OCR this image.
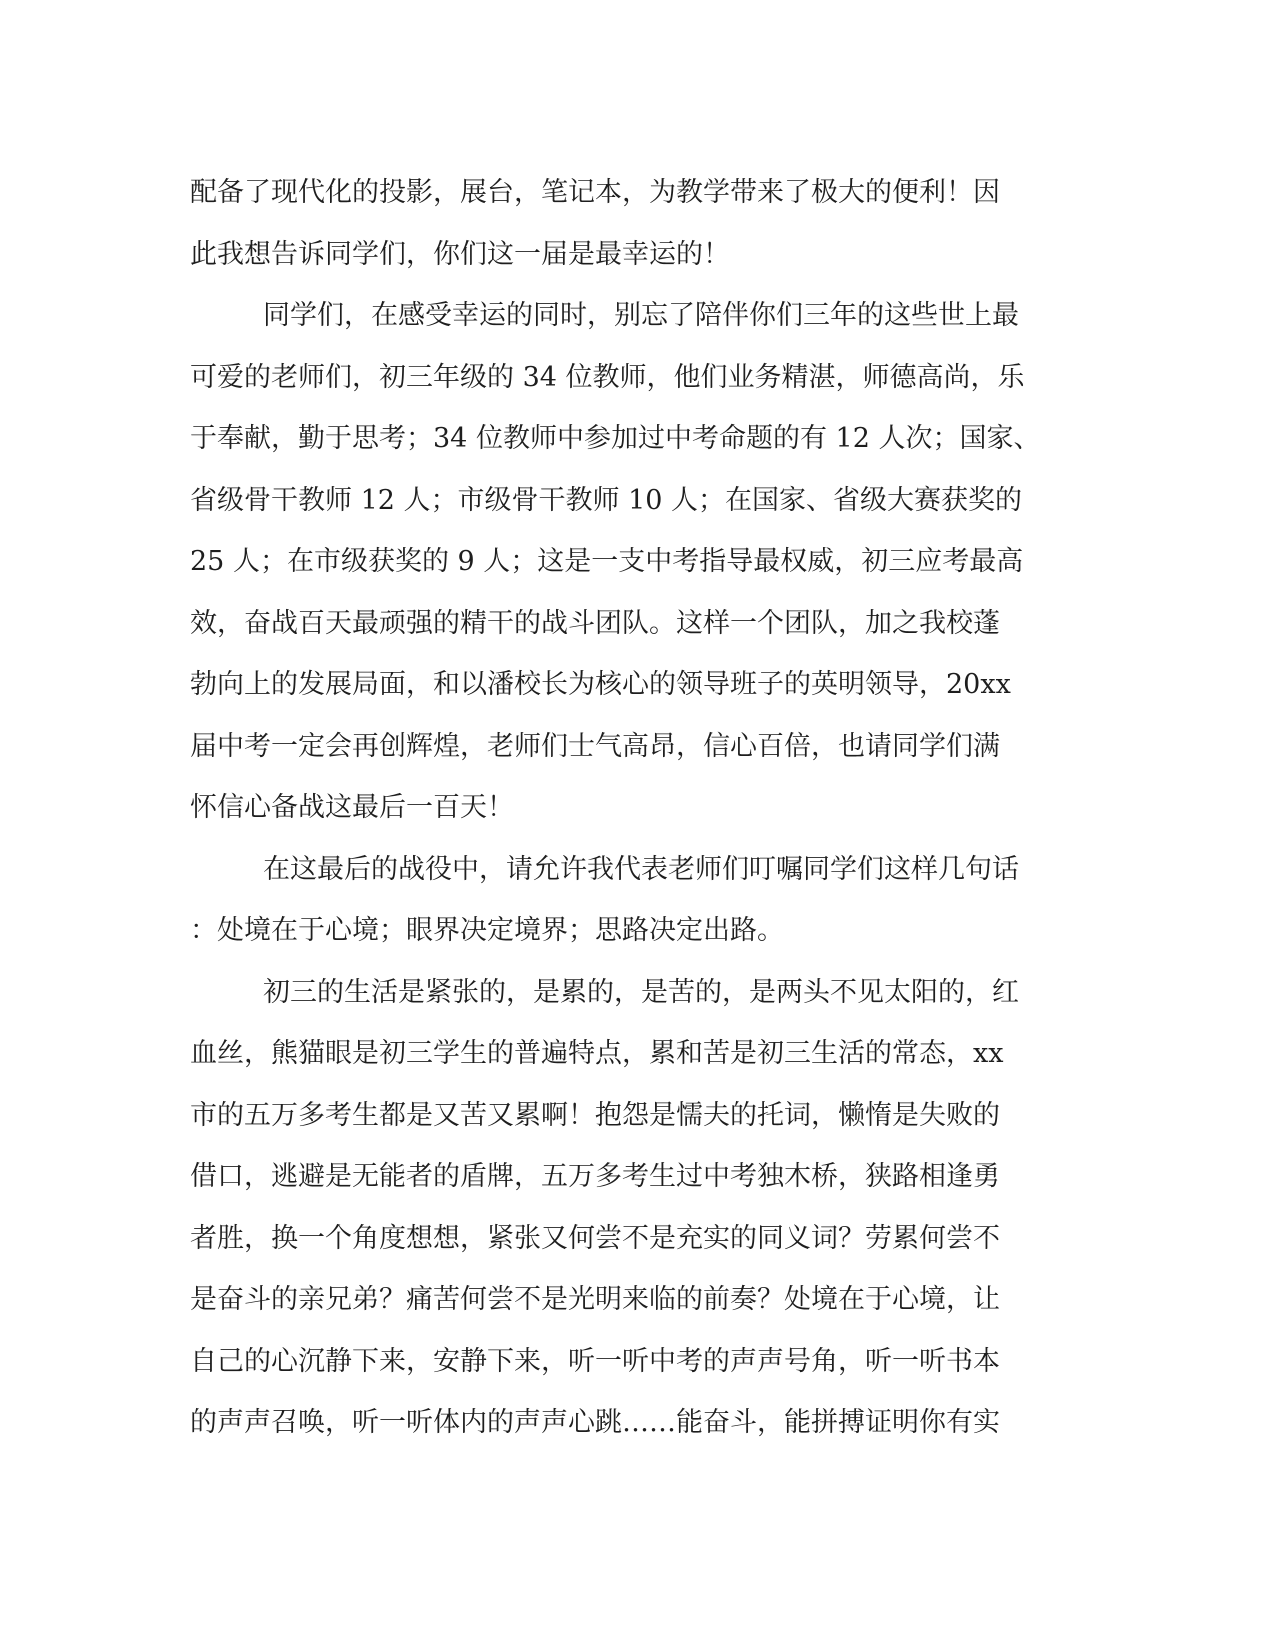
配备了现代化的投影，展台，笔记本，为教学带来了极大的便利！因
此我想告诉同学们，你们这一届是最幸运的！
同学们，在感受幸运的同时，别忘了陪伴你们三年的这些世上最
可爱的老师们，初三年级的 34 位教师，他们业务精湛，师德高尚，乐
于奉献，勤于思考；34 位教师中参加过中考命题的有 12 人次；国家、
省级骨干教师 12 人；市级骨干教师 10 人；在国家、省级大赛获奖的
25 人；在市级获奖的 9 人；这是一支中考指导最权威，初三应考最高
效，奋战百天最顽强的精干的战斗团队。这样一个团队，加之我校蓬
勃向上的发展局面，和以潘校长为核心的领导班子的英明领导，20xx
届中考一定会再创辉煌，老师们士气高昂，信心百倍，也请同学们满
怀信心备战这最后一百天！
在这最后的战役中，请允许我代表老师们叮嘱同学们这样几句话
：处境在于心境；眼界决定境界；思路决定出路。
初三的生活是紧张的，是累的，是苦的，是两头不见太阳的，红
血丝，熊猫眼是初三学生的普遍特点，累和苦是初三生活的常态，xx
市的五万多考生都是又苦又累啊！抱怨是懦夫的托词，懒惰是失败的
借口，逃避是无能者的盾牌，五万多考生过中考独木桥，狭路相逢勇
者胜，换一个角度想想，紧张又何尝不是充实的同义词？劳累何尝不
是奋斗的亲兄弟？痛苦何尝不是光明来临的前奏？处境在于心境，让
自己的心沉静下来，安静下来，听一听中考的声声号角，听一听书本
的声声召唤，听一听体内的声声心跳……能奋斗，能拼搏证明你有实
